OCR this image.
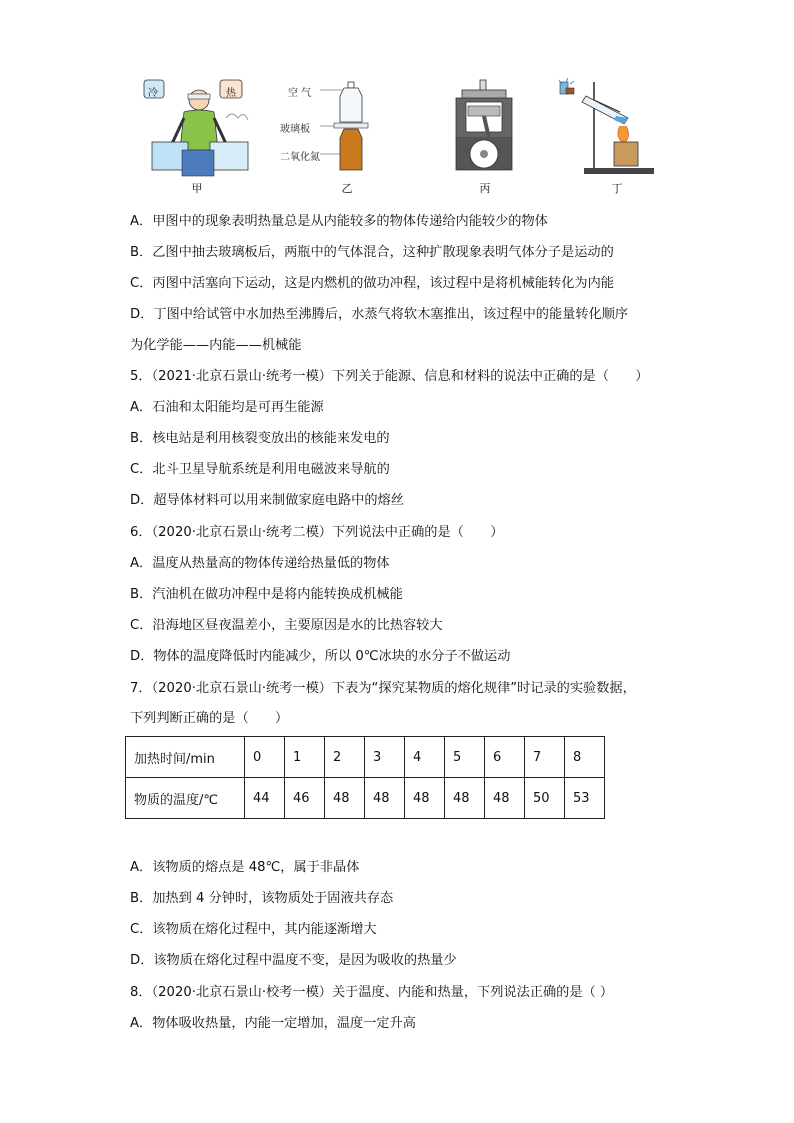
冷	热
甲
空 气
玻璃板
二氧化氮
乙	丙	丁
A．甲图中的现象表明热量总是从内能较多的物体传递给内能较少的物体
B．乙图中抽去玻璃板后，两瓶中的气体混合，这种扩散现象表明气体分子是运动的
C．丙图中活塞向下运动，这是内燃机的做功冲程，该过程中是将机械能转化为内能
D．丁图中给试管中水加热至沸腾后，水蒸气将软木塞推出，该过程中的能量转化顺序
为化学能——内能——机械能
5．（2021·北京石景山·统考一模）下列关于能源、信息和材料的说法中正确的是（　　）
A．石油和太阳能均是可再生能源
B．核电站是利用核裂变放出的核能来发电的
C．北斗卫星导航系统是利用电磁波来导航的
D．超导体材料可以用来制做家庭电路中的熔丝
6．（2020·北京石景山·统考二模）下列说法中正确的是（　　）
A．温度从热量高的物体传递给热量低的物体
B．汽油机在做功冲程中是将内能转换成机械能
C．沿海地区昼夜温差小，主要原因是水的比热容较大
D．物体的温度降低时内能减少，所以 0℃冰块的水分子不做运动
7．（2020·北京石景山·统考一模）下表为“探究某物质的熔化规律”时记录的实验数据，
下列判断正确的是（　　）
加热时间/min	0	1	2	3	4	5	6	7	8
物质的温度/℃	44	46	48	48	48	48	48	50	53
A．该物质的熔点是 48℃，属于非晶体
B．加热到 4 分钟时，该物质处于固液共存态
C．该物质在熔化过程中，其内能逐渐增大
D．该物质在熔化过程中温度不变，是因为吸收的热量少
8．（2020·北京石景山·校考一模）关于温度、内能和热量，下列说法正确的是（ ）
A．物体吸收热量，内能一定增加，温度一定升高
